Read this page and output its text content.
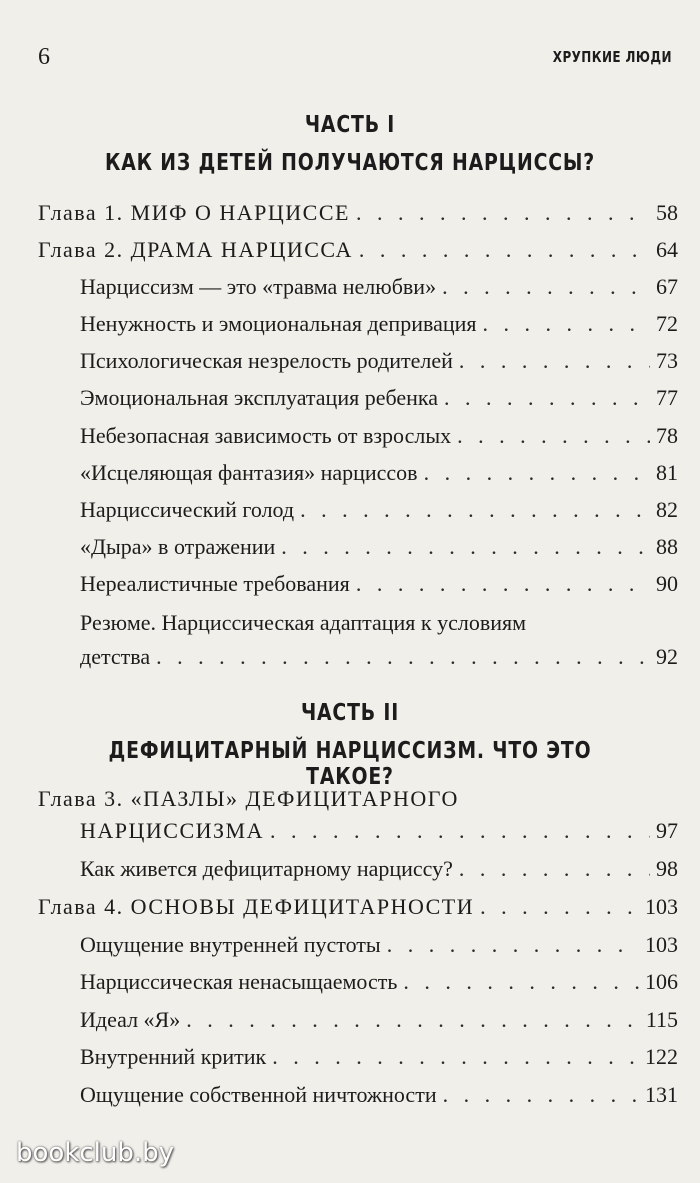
6	ХРУПКИЕ ЛЮДИ
ЧАСТЬ I
КАК ИЗ ДЕТЕЙ ПОЛУЧАЮТСЯ НАРЦИССЫ?
Глава 1. МИФ О НАРЦИССЕ . . .	58
Глава 2. ДРАМА НАРЦИССА . . .	64
Нарциссизм — это «травма нелюбви» . . .	67
Ненужность и эмоциональная депривация . . .	72
Психологическая незрелость родителей . . .	73
Эмоциональная эксплуатация ребенка . . .	77
Небезопасная зависимость от взрослых . . .	78
«Исцеляющая фантазия» нарциссов . . .	81
Нарциссический голод . . .	82
«Дыра» в отражении . . .	88
Нереалистичные требования . . .	90
Резюме. Нарциссическая адаптация к условиям
детства . . .	92
ЧАСТЬ II
ДЕФИЦИТАРНЫЙ НАРЦИССИЗМ. ЧТО ЭТО ТАКОЕ?
Глава 3. «ПАЗЛЫ» ДЕФИЦИТАРНОГО
НАРЦИССИЗМА . . .	97
Как живется дефицитарному нарциссу? . . .	98
Глава 4. ОСНОВЫ ДЕФИЦИТАРНОСТИ . . .	103
Ощущение внутренней пустоты . . .	103
Нарциссическая ненасыщаемость . . .	106
Идеал «Я» . . .	115
Внутренний критик . . .	122
Ощущение собственной ничтожности . . .	131
bookclub.by
